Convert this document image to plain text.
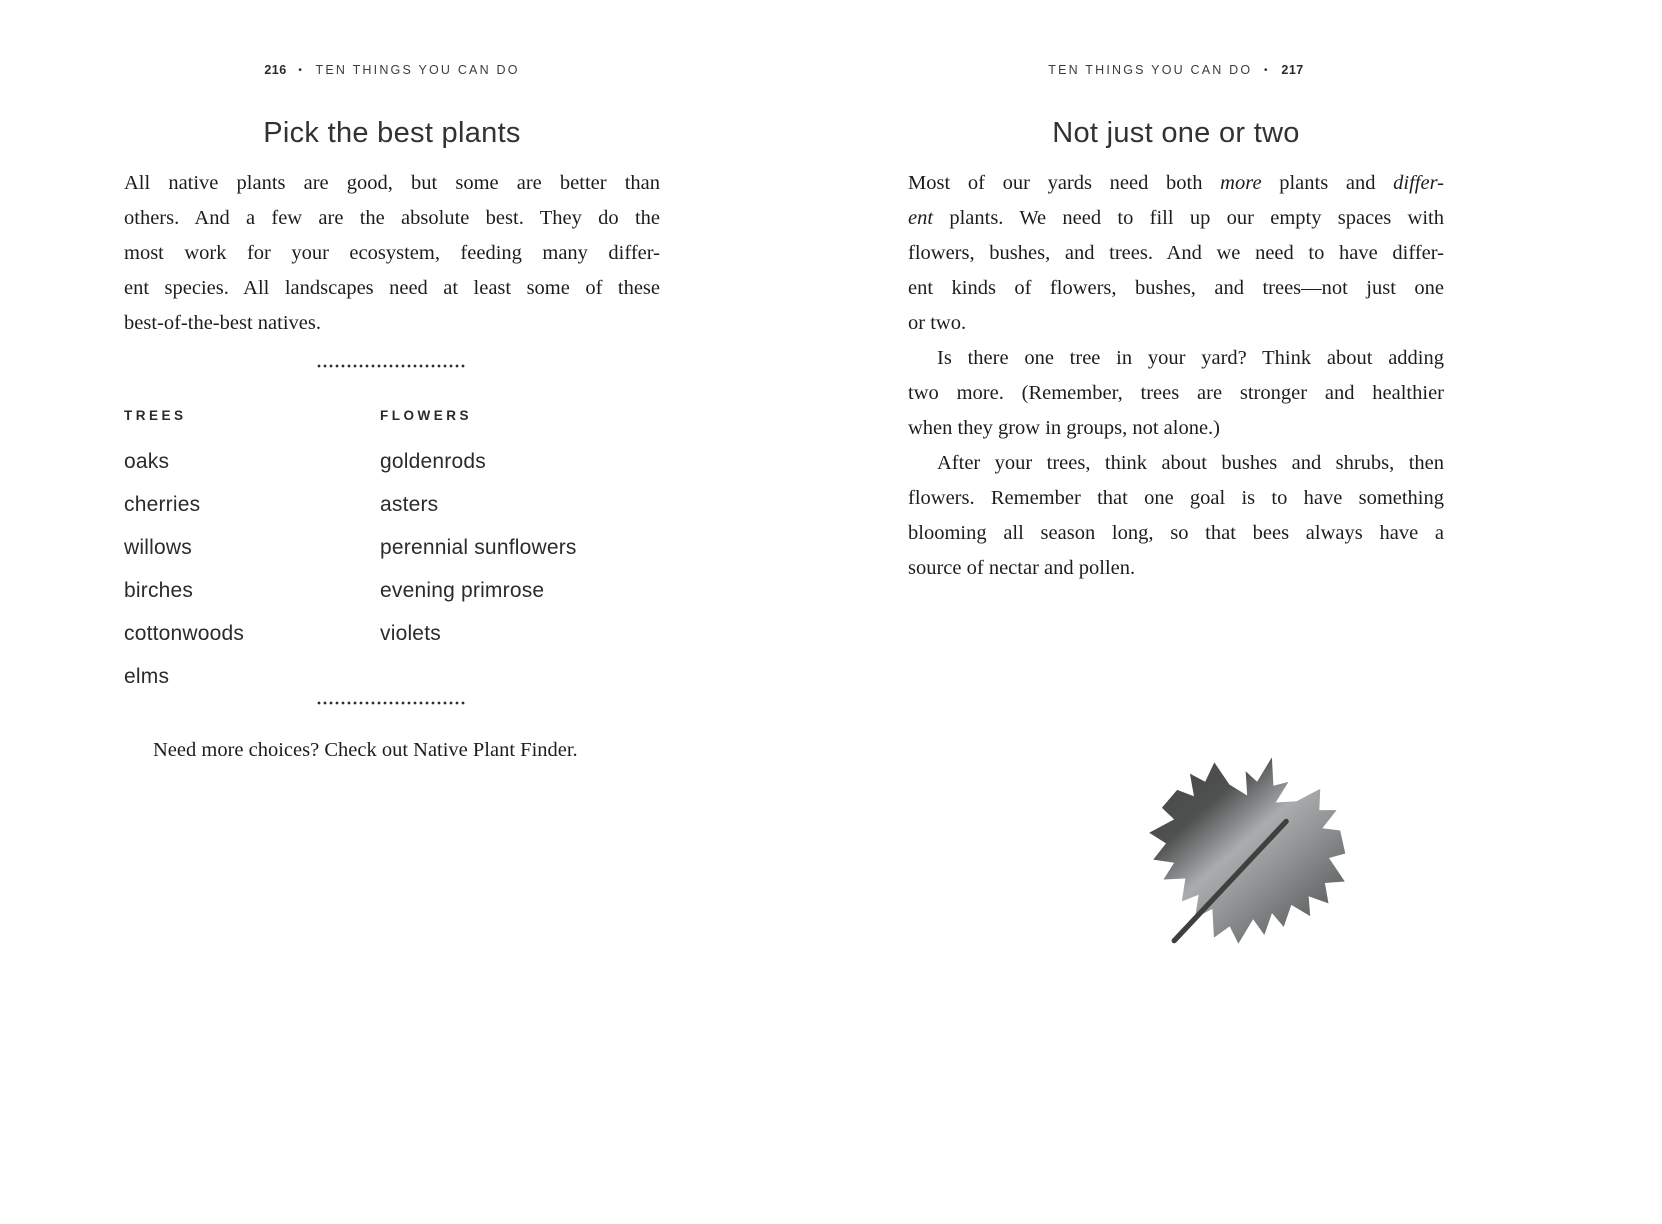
216 • TEN THINGS YOU CAN DO
Pick the best plants
All native plants are good, but some are better than
others. And a few are the absolute best. They do the
most work for your ecosystem, feeding many differ-
ent species. All landscapes need at least some of these
best-of-the-best natives.
TREES
oaks
cherries
willows
birches
cottonwoods
elms
FLOWERS
goldenrods
asters
perennial sunflowers
evening primrose
violets

Need more choices? Check out Native Plant Finder.

TEN THINGS YOU CAN DO • 217
Not just one or two
Most of our yards need both more plants and differ-
ent plants. We need to fill up our empty spaces with
flowers, bushes, and trees. And we need to have differ-
ent kinds of flowers, bushes, and trees—not just one
or two.
Is there one tree in your yard? Think about adding
two more. (Remember, trees are stronger and healthier
when they grow in groups, not alone.)
After your trees, think about bushes and shrubs, then
flowers. Remember that one goal is to have something
blooming all season long, so that bees always have a
source of nectar and pollen.
